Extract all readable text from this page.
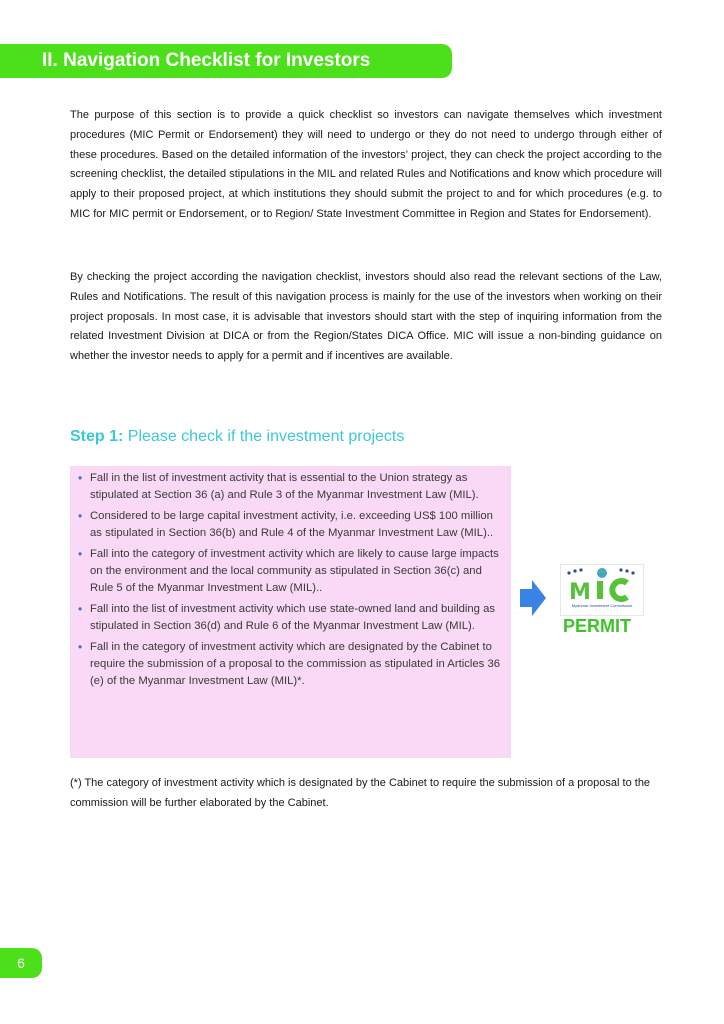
II. Navigation Checklist for Investors

The purpose of this section is to provide a quick checklist so investors can navigate themselves which investment procedures (MIC Permit or Endorsement) they will need to undergo or they do not need to undergo through either of these procedures. Based on the detailed information of the investors’ project, they can check the project according to the screening checklist, the detailed stipulations in the MIL and related Rules and Notifications and know which procedure will apply to their proposed project, at which institutions they should submit the project to and for which procedures (e.g. to MIC for MIC permit or Endorsement, or to Region/ State Investment Committee in Region and States for Endorsement).

By checking the project according the navigation checklist, investors should also read the relevant sections of the Law, Rules and Notifications. The result of this navigation process is mainly for the use of the investors when working on their project proposals. In most case, it is advisable that investors should start with the step of inquiring information from the related Investment Division at DICA or from the Region/States DICA Office. MIC will issue a non-binding guidance on whether the investor needs to apply for a permit and if incentives are available.

Step 1: Please check if the investment projects
• Fall in the list of investment activity that is essential to the Union strategy as stipulated at Section 36 (a) and Rule 3 of the Myanmar Investment Law (MIL).
• Considered to be large capital investment activity, i.e. exceeding US$ 100 million as stipulated in Section 36(b) and Rule 4 of the Myanmar Investment Law (MIL)..
• Fall into the category of investment activity which are likely to cause large impacts on the environment and the local community as stipulated in Section 36(c) and Rule 5 of the Myanmar Investment Law (MIL)..
• Fall into the list of investment activity which use state-owned land and building as stipulated in Section 36(d) and Rule 6 of the Myanmar Investment Law (MIL).
• Fall in the category of investment activity which are designated by the Cabinet to require the submission of a proposal to the commission as stipulated in Articles 36 (e) of the Myanmar Investment Law (MIL)*.
M
Myanmar Investment Commission
PERMIT

(*) The category of investment activity which is designated by the Cabinet to require the submission of a proposal to the commission will be further elaborated by the Cabinet.

6
